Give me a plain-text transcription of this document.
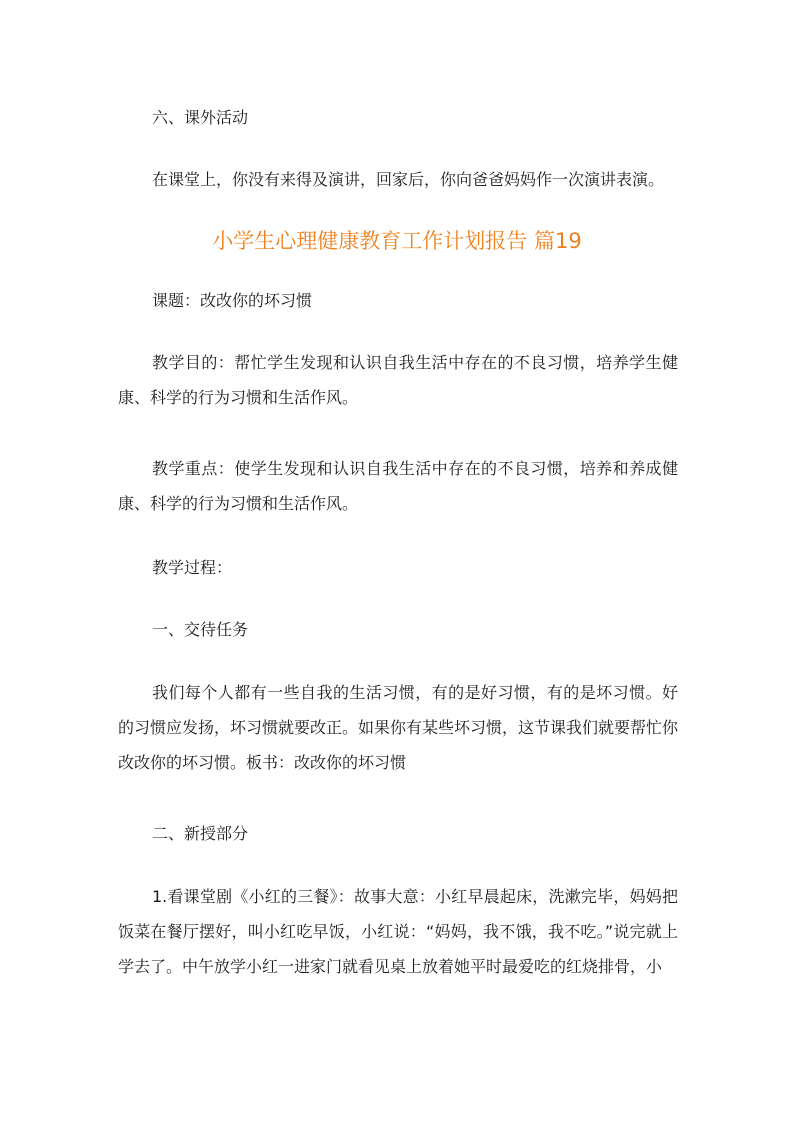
六、课外活动
在课堂上，你没有来得及演讲，回家后，你向爸爸妈妈作一次演讲表演。
小学生心理健康教育工作计划报告 篇19
课题：改改你的坏习惯
教学目的：帮忙学生发现和认识自我生活中存在的不良习惯，培养学生健康、科学的行为习惯和生活作风。
教学重点：使学生发现和认识自我生活中存在的不良习惯，培养和养成健康、科学的行为习惯和生活作风。
教学过程：
一、交待任务
我们每个人都有一些自我的生活习惯，有的是好习惯，有的是坏习惯。好的习惯应发扬，坏习惯就要改正。如果你有某些坏习惯，这节课我们就要帮忙你改改你的坏习惯。板书：改改你的坏习惯
二、新授部分
1.看课堂剧《小红的三餐》：故事大意：小红早晨起床，洗漱完毕，妈妈把饭菜在餐厅摆好，叫小红吃早饭，小红说：“妈妈，我不饿，我不吃。”说完就上学去了。中午放学小红一进家门就看见桌上放着她平时最爱吃的红烧排骨，小
